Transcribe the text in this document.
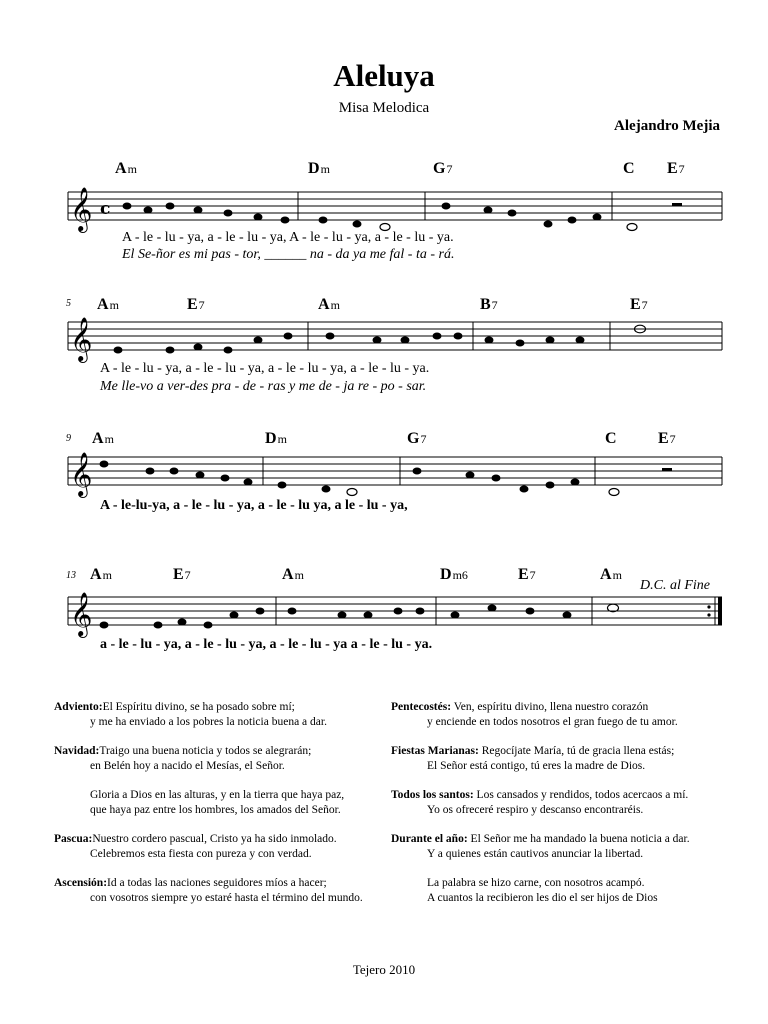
Aleluya
Misa Melodica
Alejandro Mejia
Am	Dm	G7	C E7
𝄞 c
A - le - lu - ya, a - le - lu - ya, A - le - lu - ya, a - le - lu - ya.
El Se-ñor es mi pas - tor, ______ na - da ya me fal - ta - rá.
5 Am	E7	Am	B7	E7
𝄞
A - le - lu - ya, a - le - lu - ya, a - le - lu - ya, a - le - lu - ya.
Me lle-vo a ver-des pra - de - ras y me de - ja re - po - sar.
9 Am	Dm	G7	C	E7
𝄞
A - le-lu-ya, a - le - lu - ya, a - le - lu ya, a le - lu - ya,
13 Am	E7	Am	Dm6	E7	Am
D.C. al Fine
𝄞
a - le - lu - ya, a - le - lu - ya, a - le - lu - ya a - le - lu - ya.
Adviento:El Espíritu divino, se ha posado sobre mí;
y me ha enviado a los pobres la noticia buena a dar.
Navidad:Traigo una buena noticia y todos se alegrarán;
en Belén hoy a nacido el Mesías, el Señor.
Gloria a Dios en las alturas, y en la tierra que haya paz,
que haya paz entre los hombres, los amados del Señor.
Pascua:Nuestro cordero pascual, Cristo ya ha sido inmolado.
Celebremos esta fiesta con pureza y con verdad.
Ascensión:Id a todas las naciones seguidores míos a hacer;
con vosotros siempre yo estaré hasta el término del mundo.
Pentecostés: Ven, espíritu divino, llena nuestro corazón
y enciende en todos nosotros el gran fuego de tu amor.
Fiestas Marianas: Regocíjate María, tú de gracia llena estás;
El Señor está contigo, tú eres la madre de Dios.
Todos los santos: Los cansados y rendidos, todos acercaos a mí.
Yo os ofreceré respiro y descanso encontraréis.
Durante el año: El Señor me ha mandado la buena noticia a dar.
Y a quienes están cautivos anunciar la libertad.
La palabra se hizo carne, con nosotros acampó.
A cuantos la recibieron les dio el ser hijos de Dios
Tejero 2010
